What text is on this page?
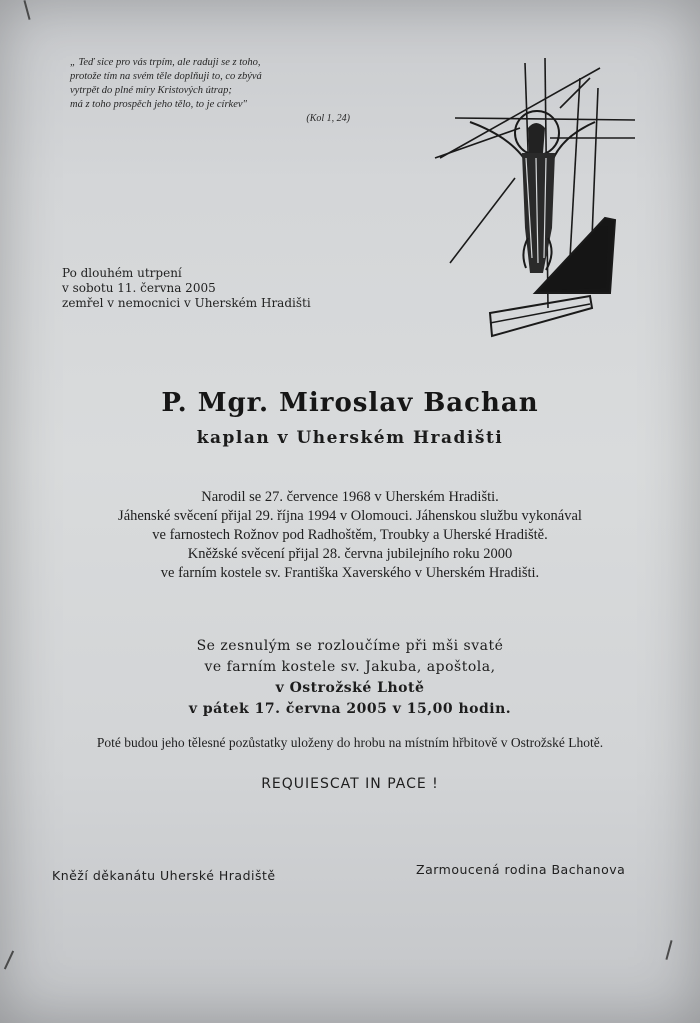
„ Teď sice pro vás trpím, ale raduji se z toho,

protože tím na svém těle doplňuji to, co zbývá

vytrpět do plné míry Kristových útrap;

má z toho prospěch jeho tělo, to je církev"

(Kol 1, 24)

Po dlouhém utrpení

v sobotu 11. června 2005

zemřel v nemocnici v Uherském Hradišti

P. Mgr. Miroslav Bachan
kaplan v Uherském Hradišti

Narodil se 27. července 1968 v Uherském Hradišti.

Jáhenské svěcení přijal 29. října 1994 v Olomouci. Jáhenskou službu vykonával

ve farnostech Rožnov pod Radhoštěm, Troubky a Uherské Hradiště.

Kněžské svěcení přijal 28. června jubilejního roku 2000

ve farním kostele sv. Františka Xaverského v Uherském Hradišti.

Se zesnulým se rozloučíme při mši svaté

ve farním kostele sv. Jakuba, apoštola,

v Ostrožské Lhotě

v pátek 17. června 2005 v 15,00 hodin.

Poté budou jeho tělesné pozůstatky uloženy do hrobu na místním hřbitově v Ostrožské Lhotě.
REQUIESCAT IN PACE !
Kněží děkanátu Uherské Hradiště	Zarmoucená rodina Bachanova
